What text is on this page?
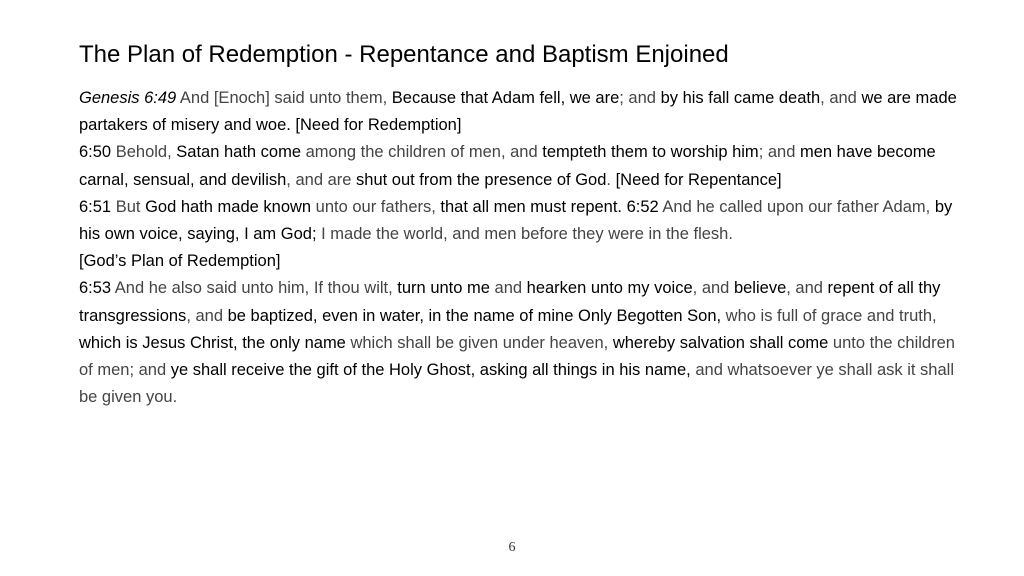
The Plan of Redemption - Repentance and Baptism Enjoined
Genesis 6:49 And [Enoch] said unto them, Because that Adam fell, we are; and by his fall came death, and we are made partakers of misery and woe. [Need for Redemption]
6:50 Behold, Satan hath come among the children of men, and tempteth them to worship him; and men have become carnal, sensual, and devilish, and are shut out from the presence of God. [Need for Repentance]
6:51 But God hath made known unto our fathers, that all men must repent. 6:52 And he called upon our father Adam, by his own voice, saying, I am God; I made the world, and men before they were in the flesh.
[God’s Plan of Redemption]
6:53 And he also said unto him, If thou wilt, turn unto me and hearken unto my voice, and believe, and repent of all thy transgressions, and be baptized, even in water, in the name of mine Only Begotten Son, who is full of grace and truth, which is Jesus Christ, the only name which shall be given under heaven, whereby salvation shall come unto the children of men; and ye shall receive the gift of the Holy Ghost, asking all things in his name, and whatsoever ye shall ask it shall be given you.
6
